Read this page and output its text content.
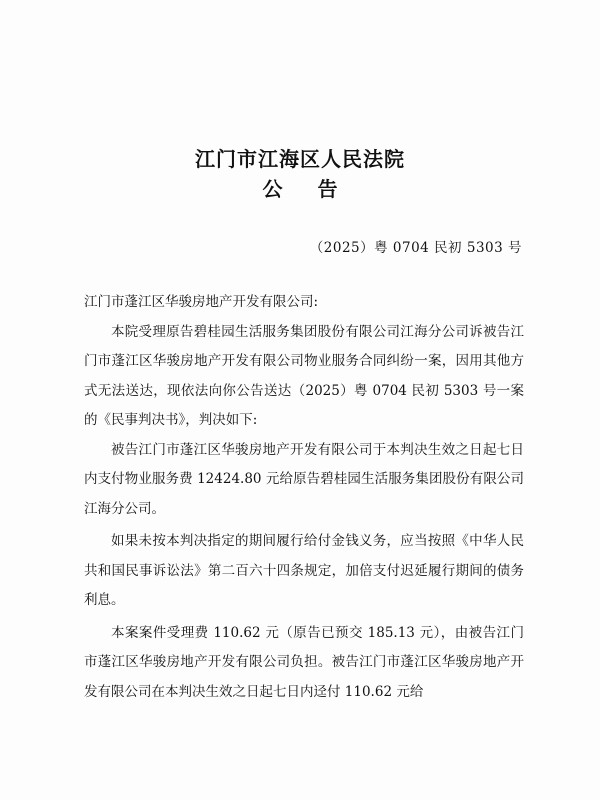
江门市江海区人民法院
公 告
（2025）粤 0704 民初 5303 号

江门市蓬江区华骏房地产开发有限公司:

本院受理原告碧桂园生活服务集团股份有限公司江海分公司诉被告江门市蓬江区华骏房地产开发有限公司物业服务合同纠纷一案，因用其他方式无法送达，现依法向你公告送达（2025）粤 0704 民初 5303 号一案的《民事判决书》，判决如下:

被告江门市蓬江区华骏房地产开发有限公司于本判决生效之日起七日内支付物业服务费 12424.80 元给原告碧桂园生活服务集团股份有限公司江海分公司。

如果未按本判决指定的期间履行给付金钱义务，应当按照《中华人民共和国民事诉讼法》第二百六十四条规定，加倍支付迟延履行期间的债务利息。

本案案件受理费 110.62 元（原告已预交 185.13 元），由被告江门市蓬江区华骏房地产开发有限公司负担。被告江门市蓬江区华骏房地产开发有限公司在本判决生效之日起七日内迳付 110.62 元给
